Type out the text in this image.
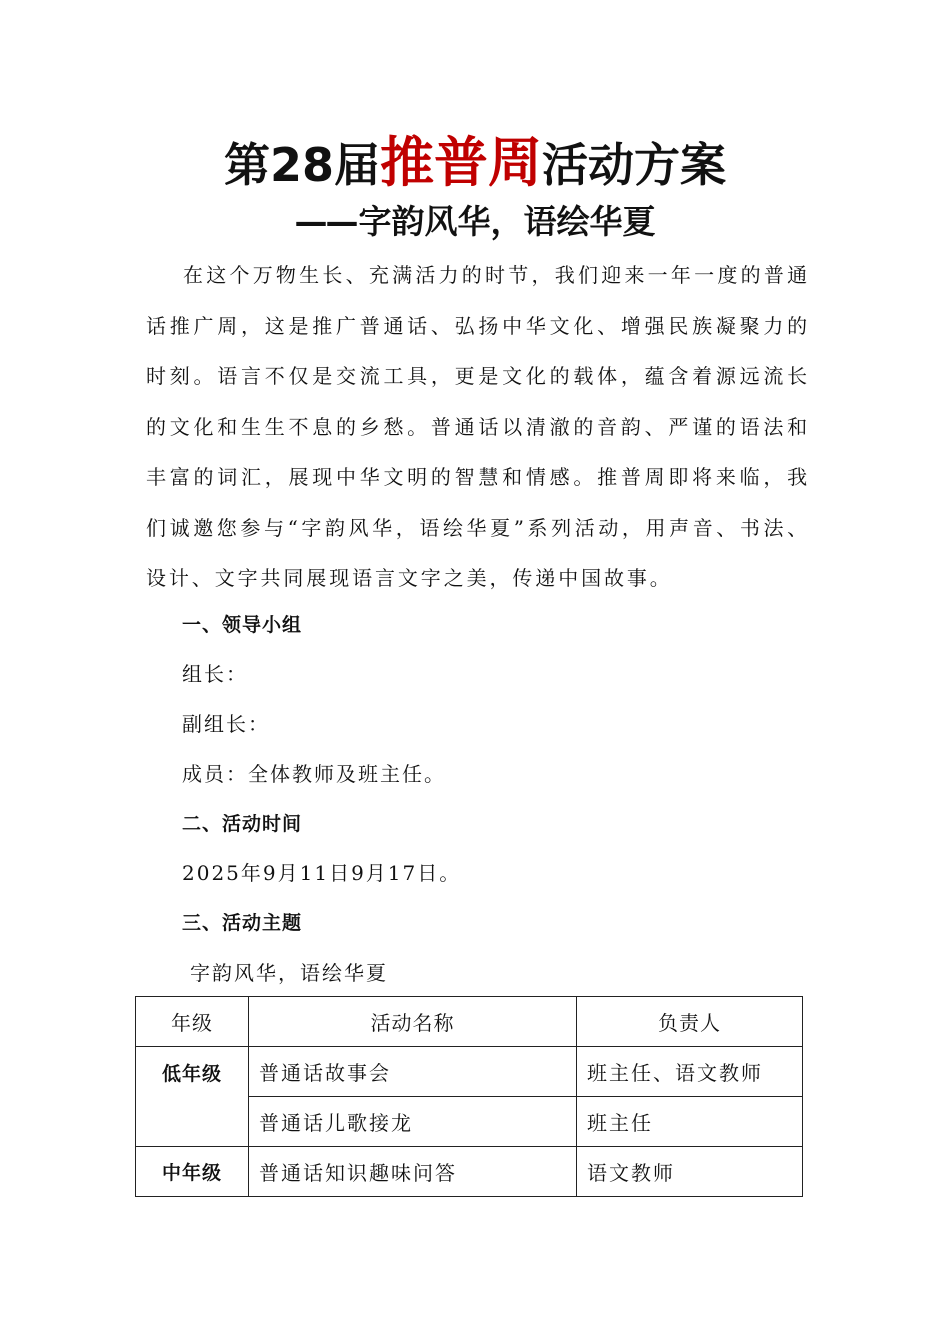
第28届推普周活动方案
——字韵风华，语绘华夏
在这个万物生长、充满活力的时节，我们迎来一年一度的普通话推广周，这是推广普通话、弘扬中华文化、增强民族凝聚力的时刻。语言不仅是交流工具，更是文化的载体，蕴含着源远流长的文化和生生不息的乡愁。普通话以清澈的音韵、严谨的语法和丰富的词汇，展现中华文明的智慧和情感。推普周即将来临，我们诚邀您参与“字韵风华，语绘华夏”系列活动，用声音、书法、设计、文字共同展现语言文字之美，传递中国故事。
一、领导小组
组长：
副组长：
成员：全体教师及班主任。
二、活动时间
2025年9月11日9月17日。
三、活动主题
字韵风华，语绘华夏
年级	活动名称	负责人
低年级	普通话故事会	班主任、语文教师
	普通话儿歌接龙	班主任
中年级	普通话知识趣味问答	语文教师
